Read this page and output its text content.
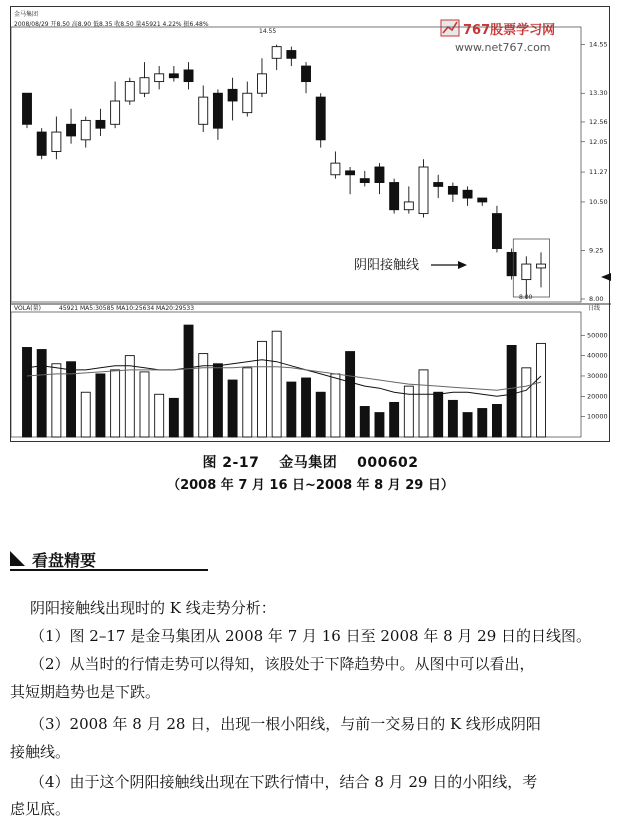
金马集团
2008/08/29 开8.50 高8.90 低8.35 收8.50 量45921 4.22% 振6.48%	767股票学习网
www.net767.com	14.55
13.30
12.56
12.05
11.27
10.50
9.25
8.00
50000
40000
30000
20000
10000
VOLA(量)	45921 MA5:30585 MA10:25634 MA20:29533	日线
阴阳接触线
14.55
8.00
图 2-17　 金马集团　 000602
（2008 年 7 月 16 日~2008 年 8 月 29 日）
看盘精要

阴阳接触线出现时的 K 线走势分析：

（1）图 2–17 是金马集团从 2008 年 7 月 16 日至 2008 年 8 月 29 日的日线图。

（2）从当时的行情走势可以得知，该股处于下降趋势中。从图中可以看出，

其短期趋势也是下跌。

（3）2008 年 8 月 28 日，出现一根小阳线，与前一交易日的 K 线形成阴阳

接触线。

（4）由于这个阴阳接触线出现在下跌行情中，结合 8 月 29 日的小阳线，考

虑见底。
